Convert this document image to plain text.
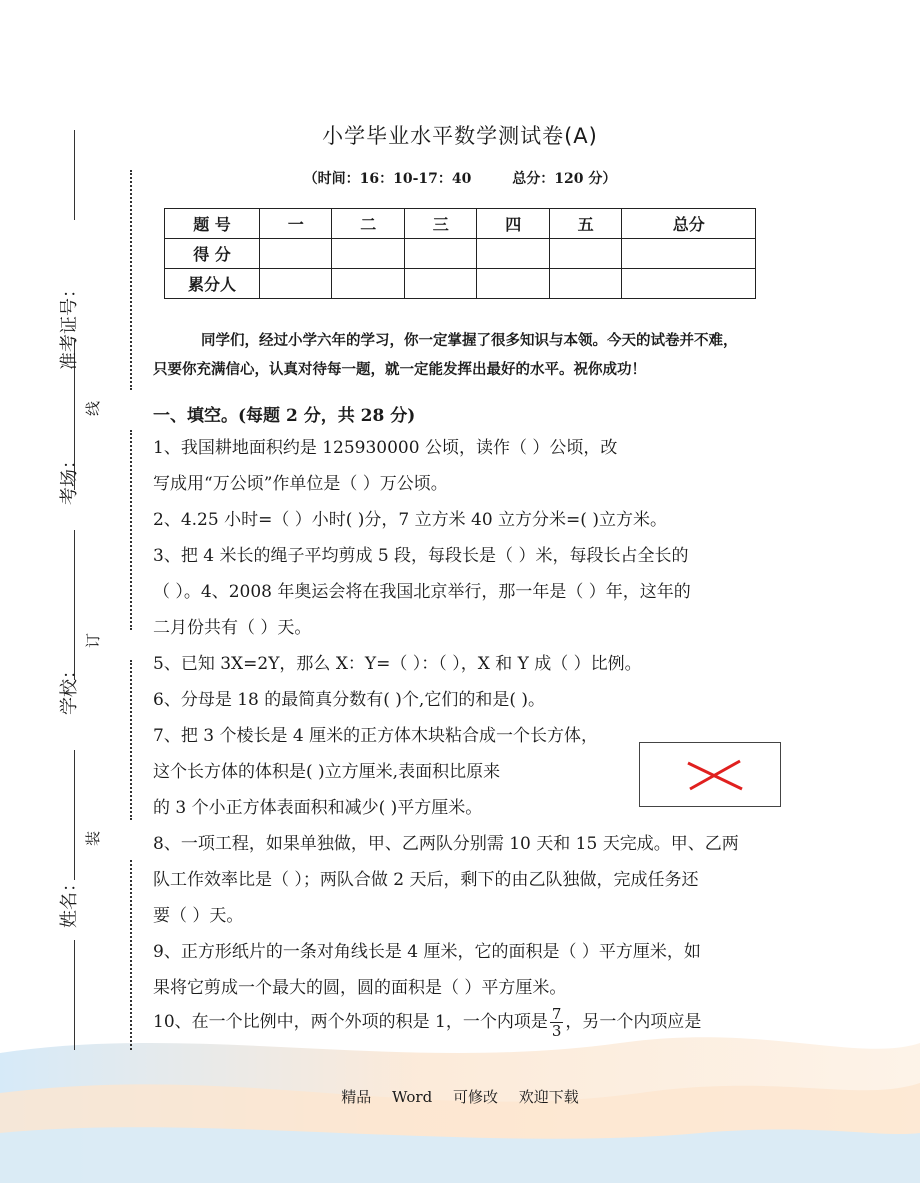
准考证号：
考场：
学校：
姓名：
线
订
装
小学毕业水平数学测试卷(A)
（时间：16：10-17：40	总分：120 分）
题 号	一	二	三	四	五	总分
得 分						
累分人						
同学们，经过小学六年的学习，你一定掌握了很多知识与本领。今天的试卷并不难，
只要你充满信心，认真对待每一题，就一定能发挥出最好的水平。祝你成功！
一、填空。(每题 2 分，共 28 分)
1、我国耕地面积约是 125930000 公顷，读作（ ）公顷，改
写成用“万公顷”作单位是（ ）万公顷。
2、4.25 小时=（ ）小时( )分，7 立方米 40 立方分米=( )立方米。
3、把 4 米长的绳子平均剪成 5 段，每段长是（ ）米，每段长占全长的
（ ）。4、2008 年奥运会将在我国北京举行，那一年是（ ）年，这年的
二月份共有（ ）天。
5、已知 3X=2Y，那么 X：Y=（ ）：（ ），X 和 Y 成（ ）比例。
6、分母是 18 的最简真分数有( )个,它们的和是( )。
7、把 3 个棱长是 4 厘米的正方体木块粘合成一个长方体，
这个长方体的体积是( )立方厘米,表面积比原来
的 3 个小正方体表面积和减少( )平方厘米。
8、一项工程，如果单独做，甲、乙两队分别需 10 天和 15 天完成。甲、乙两
队工作效率比是（ ）；两队合做 2 天后，剩下的由乙队独做，完成任务还
要（ ）天。
9、正方形纸片的一条对角线长是 4 厘米，它的面积是（ ）平方厘米，如
果将它剪成一个最大的圆，圆的面积是（ ）平方厘米。
10、在一个比例中，两个外项的积是 1，一个内项是 $\frac{7}{3}$ ，另一个内项应是
精品 Word 可修改 欢迎下载
